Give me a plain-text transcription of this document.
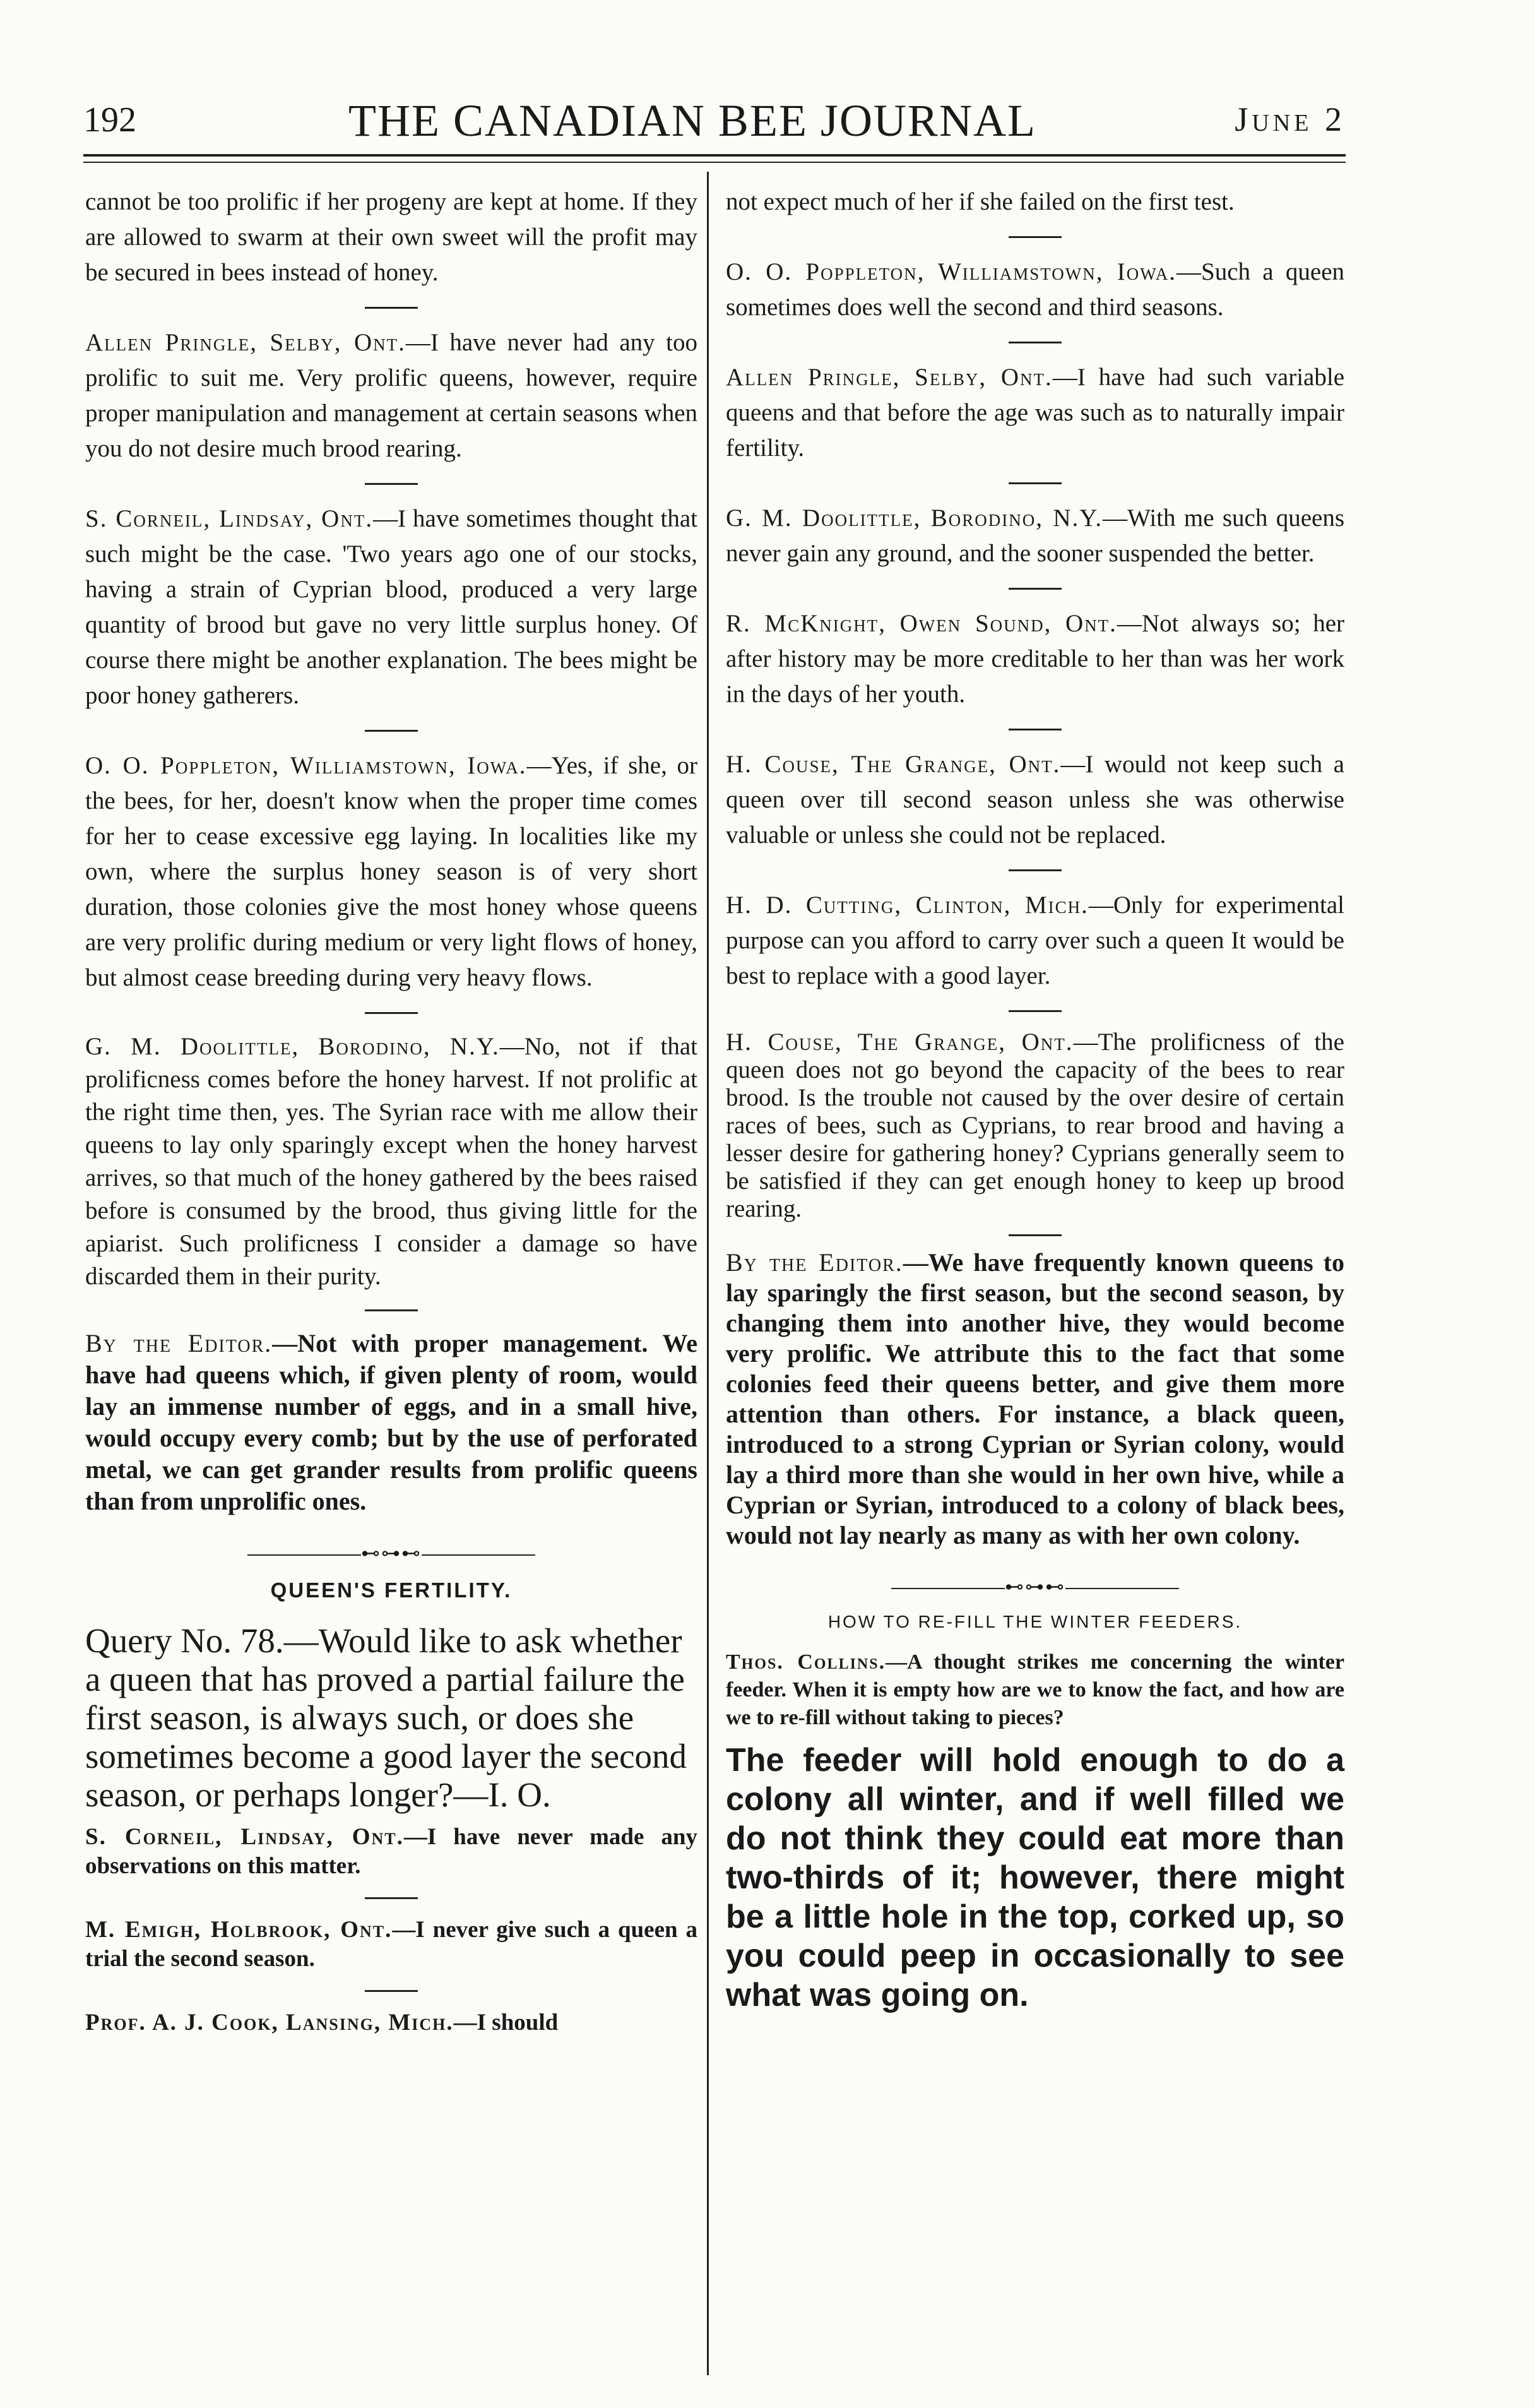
192	THE CANADIAN BEE JOURNAL	June 2

cannot be too prolific if her progeny are kept at home. If they are allowed to swarm at their own sweet will the profit may be secured in bees instead of honey.

Allen Pringle, Selby, Ont.—I have never had any too prolific to suit me. Very prolific queens, however, require proper manipulation and management at certain seasons when you do not desire much brood rearing.

S. Corneil, Lindsay, Ont.—I have sometimes thought that such might be the case. 'Two years ago one of our stocks, having a strain of Cyprian blood, produced a very large quantity of brood but gave no very little surplus honey. Of course there might be another explanation. The bees might be poor honey gatherers.

O. O. Poppleton, Williamstown, Iowa.—Yes, if she, or the bees, for her, doesn't know when the proper time comes for her to cease excessive egg laying. In localities like my own, where the surplus honey season is of very short duration, those colonies give the most honey whose queens are very prolific during medium or very light flows of honey, but almost cease breeding during very heavy flows.

G. M. Doolittle, Borodino, N.Y.—No, not if that prolificness comes before the honey harvest. If not prolific at the right time then, yes. The Syrian race with me allow their queens to lay only sparingly except when the honey harvest arrives, so that much of the honey gathered by the bees raised before is consumed by the brood, thus giving little for the apiarist. Such prolificness I consider a damage so have discarded them in their purity.

By the Editor.—Not with proper management. We have had queens which, if given plenty of room, would lay an immense number of eggs, and in a small hive, would occupy every comb; but by the use of perforated metal, we can get grander results from prolific queens than from unprolific ones.

⊷⊶⊷
QUEEN'S FERTILITY.

Query No. 78.—Would like to ask whether a queen that has proved a partial failure the first season, is always such, or does she sometimes become a good layer the second season, or perhaps longer?—I. O.

S. Corneil, Lindsay, Ont.—I have never made any observations on this matter.

M. Emigh, Holbrook, Ont.—I never give such a queen a trial the second season.

Prof. A. J. Cook, Lansing, Mich.—I should

not expect much of her if she failed on the first test.

O. O. Poppleton, Williamstown, Iowa.—Such a queen sometimes does well the second and third seasons.

Allen Pringle, Selby, Ont.—I have had such variable queens and that before the age was such as to naturally impair fertility.

G. M. Doolittle, Borodino, N.Y.—With me such queens never gain any ground, and the sooner suspended the better.

R. McKnight, Owen Sound, Ont.—Not always so; her after history may be more creditable to her than was her work in the days of her youth.

H. Couse, The Grange, Ont.—I would not keep such a queen over till second season unless she was otherwise valuable or unless she could not be replaced.

H. D. Cutting, Clinton, Mich.—Only for experimental purpose can you afford to carry over such a queen It would be best to replace with a good layer.

H. Couse, The Grange, Ont.—The prolificness of the queen does not go beyond the capacity of the bees to rear brood. Is the trouble not caused by the over desire of certain races of bees, such as Cyprians, to rear brood and having a lesser desire for gathering honey? Cyprians generally seem to be satisfied if they can get enough honey to keep up brood rearing.

By the Editor.—We have frequently known queens to lay sparingly the first season, but the second season, by changing them into another hive, they would become very prolific. We attribute this to the fact that some colonies feed their queens better, and give them more attention than others. For instance, a black queen, introduced to a strong Cyprian or Syrian colony, would lay a third more than she would in her own hive, while a Cyprian or Syrian, introduced to a colony of black bees, would not lay nearly as many as with her own colony.

⊷⊶⊷
HOW TO RE-FILL THE WINTER FEEDERS.

Thos. Collins.—A thought strikes me concerning the winter feeder. When it is empty how are we to know the fact, and how are we to re-fill without taking to pieces?

The feeder will hold enough to do a colony all winter, and if well filled we do not think they could eat more than two-thirds of it; however, there might be a little hole in the top, corked up, so you could peep in occasionally to see what was going on.
